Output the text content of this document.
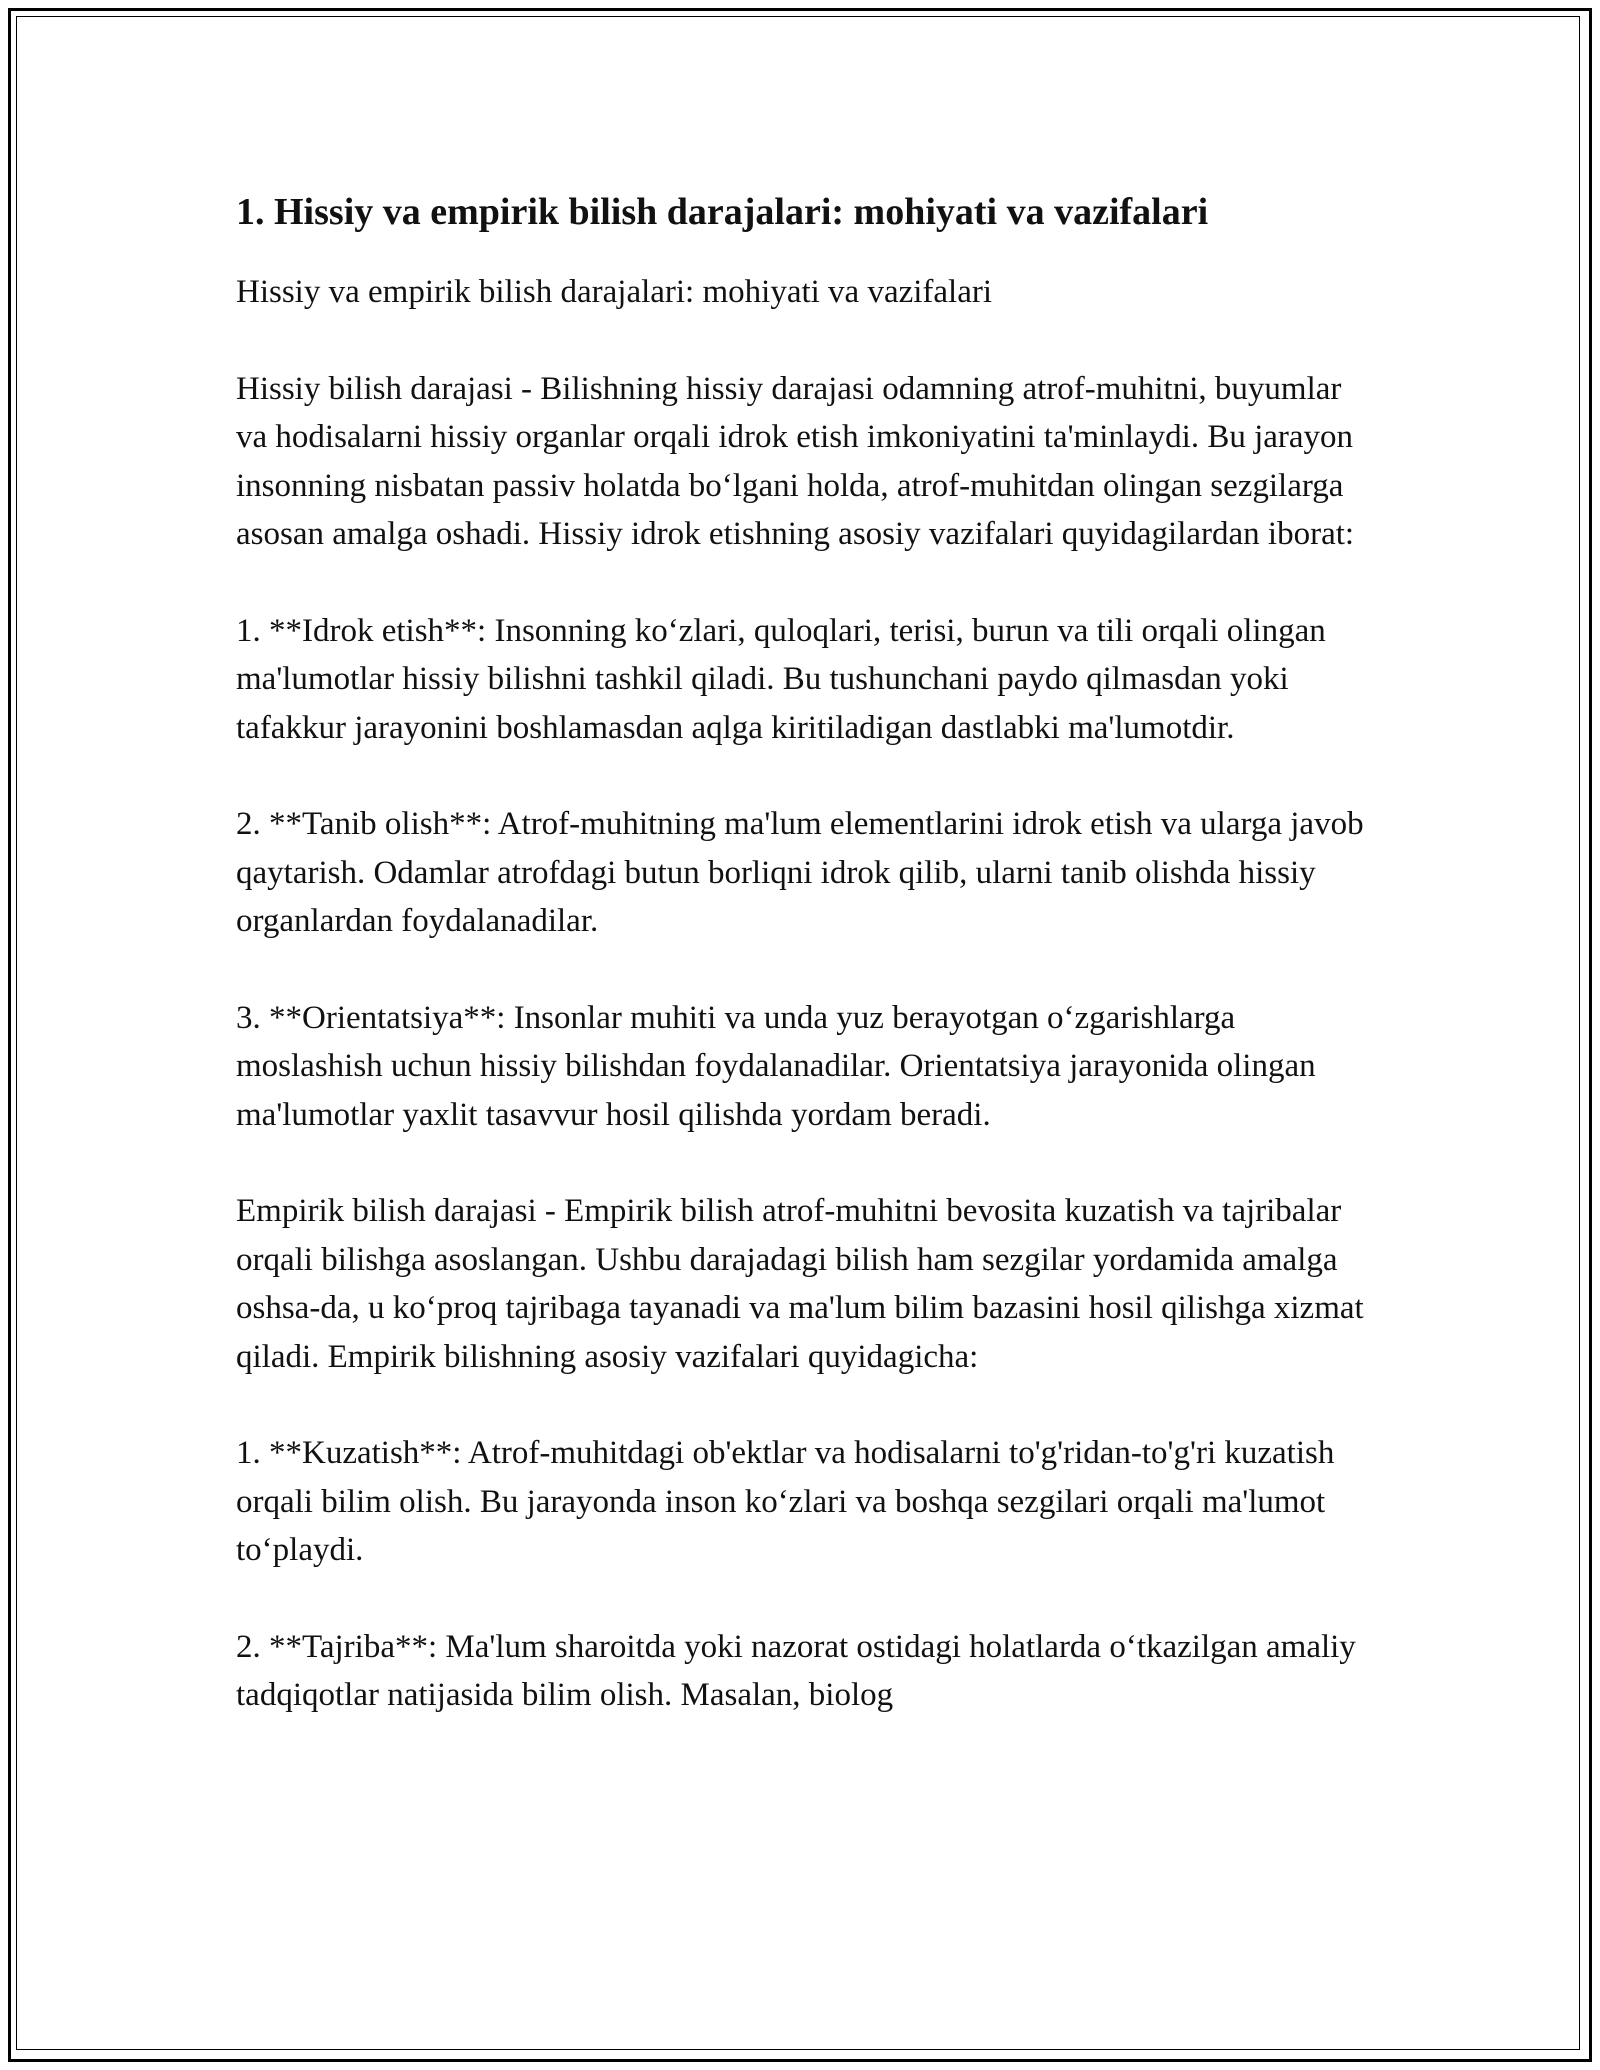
1. Hissiy va empirik bilish darajalari: mohiyati va vazifalari

Hissiy va empirik bilish darajalari: mohiyati va vazifalari

Hissiy bilish darajasi - Bilishning hissiy darajasi odamning atrof-muhitni, buyumlar va hodisalarni hissiy organlar orqali idrok etish imkoniyatini ta'minlaydi. Bu jarayon insonning nisbatan passiv holatda bo‘lgani holda, atrof-muhitdan olingan sezgilarga asosan amalga oshadi. Hissiy idrok etishning asosiy vazifalari quyidagilardan iborat:

1. **Idrok etish**: Insonning ko‘zlari, quloqlari, terisi, burun va tili orqali olingan ma'lumotlar hissiy bilishni tashkil qiladi. Bu tushunchani paydo qilmasdan yoki tafakkur jarayonini boshlamasdan aqlga kiritiladigan dastlabki ma'lumotdir.

2. **Tanib olish**: Atrof-muhitning ma'lum elementlarini idrok etish va ularga javob qaytarish. Odamlar atrofdagi butun borliqni idrok qilib, ularni tanib olishda hissiy organlardan foydalanadilar.

3. **Orientatsiya**: Insonlar muhiti va unda yuz berayotgan o‘zgarishlarga moslashish uchun hissiy bilishdan foydalanadilar. Orientatsiya jarayonida olingan ma'lumotlar yaxlit tasavvur hosil qilishda yordam beradi.

Empirik bilish darajasi - Empirik bilish atrof-muhitni bevosita kuzatish va tajribalar orqali bilishga asoslangan. Ushbu darajadagi bilish ham sezgilar yordamida amalga oshsa-da, u ko‘proq tajribaga tayanadi va ma'lum bilim bazasini hosil qilishga xizmat qiladi. Empirik bilishning asosiy vazifalari quyidagicha:

1. **Kuzatish**: Atrof-muhitdagi ob'ektlar va hodisalarni to'g'ridan-to'g'ri kuzatish orqali bilim olish. Bu jarayonda inson ko‘zlari va boshqa sezgilari orqali ma'lumot to‘playdi.

2. **Tajriba**: Ma'lum sharoitda yoki nazorat ostidagi holatlarda o‘tkazilgan amaliy tadqiqotlar natijasida bilim olish. Masalan, biolog
